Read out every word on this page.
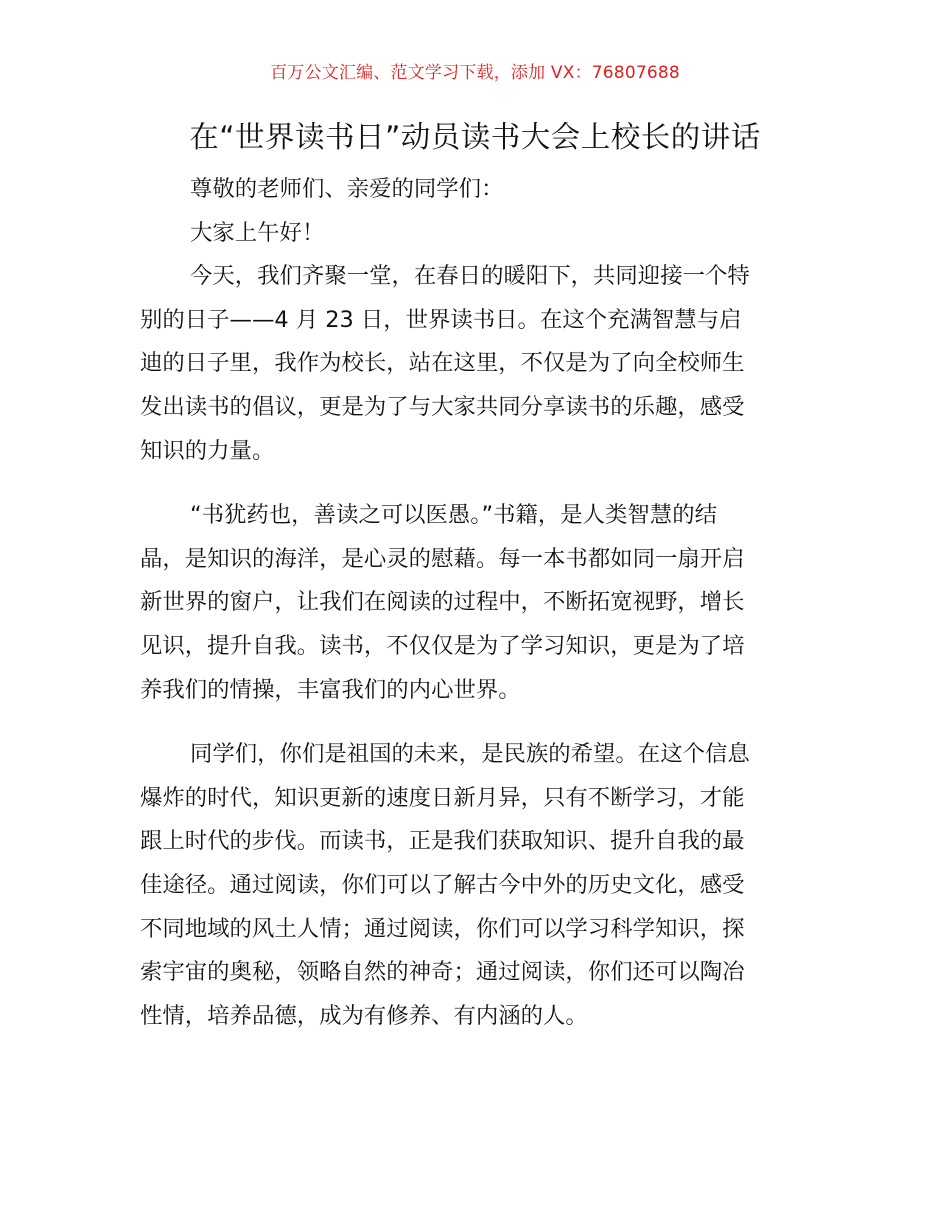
百万公文汇编、范文学习下载，添加 VX：76807688
在“世界读书日”动员读书大会上校长的讲话
尊敬的老师们、亲爱的同学们：
大家上午好！
今天，我们齐聚一堂，在春日的暖阳下，共同迎接一个特
别的日子——4 月 23 日，世界读书日。在这个充满智慧与启
迪的日子里，我作为校长，站在这里，不仅是为了向全校师生
发出读书的倡议，更是为了与大家共同分享读书的乐趣，感受
知识的力量。
“书犹药也，善读之可以医愚。”书籍，是人类智慧的结
晶，是知识的海洋，是心灵的慰藉。每一本书都如同一扇开启
新世界的窗户，让我们在阅读的过程中，不断拓宽视野，增长
见识，提升自我。读书，不仅仅是为了学习知识，更是为了培
养我们的情操，丰富我们的内心世界。
同学们，你们是祖国的未来，是民族的希望。在这个信息
爆炸的时代，知识更新的速度日新月异，只有不断学习，才能
跟上时代的步伐。而读书，正是我们获取知识、提升自我的最
佳途径。通过阅读，你们可以了解古今中外的历史文化，感受
不同地域的风土人情；通过阅读，你们可以学习科学知识，探
索宇宙的奥秘，领略自然的神奇；通过阅读，你们还可以陶冶
性情，培养品德，成为有修养、有内涵的人。
